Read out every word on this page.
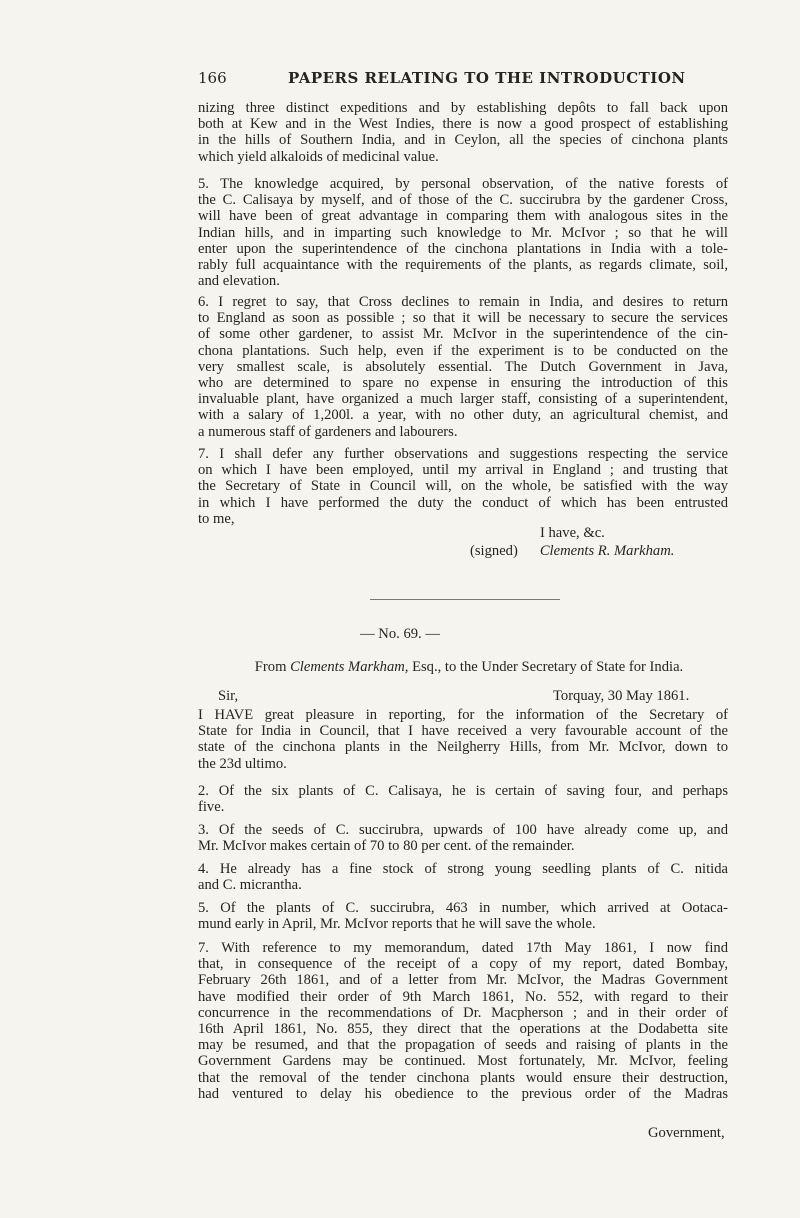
166	PAPERS RELATING TO THE INTRODUCTION

nizing three distinct expeditions and by establishing depôts to fall back upon
both at Kew and in the West Indies, there is now a good prospect of establishing
in the hills of Southern India, and in Ceylon, all the species of cinchona plants
which yield alkaloids of medicinal value.

5. The knowledge acquired, by personal observation, of the native forests of
the C. Calisaya by myself, and of those of the C. succirubra by the gardener Cross,
will have been of great advantage in comparing them with analogous sites in the
Indian hills, and in imparting such knowledge to Mr. McIvor ; so that he will
enter upon the superintendence of the cinchona plantations in India with a tole-
rably full acquaintance with the requirements of the plants, as regards climate, soil,
and elevation.

6. I regret to say, that Cross declines to remain in India, and desires to return
to England as soon as possible ; so that it will be necessary to secure the services
of some other gardener, to assist Mr. McIvor in the superintendence of the cin-
chona plantations. Such help, even if the experiment is to be conducted on the
very smallest scale, is absolutely essential. The Dutch Government in Java,
who are determined to spare no expense in ensuring the introduction of this
invaluable plant, have organized a much larger staff, consisting of a superintendent,
with a salary of 1,200l. a year, with no other duty, an agricultural chemist, and
a numerous staff of gardeners and labourers.

7. I shall defer any further observations and suggestions respecting the service
on which I have been employed, until my arrival in England ; and trusting that
the Secretary of State in Council will, on the whole, be satisfied with the way
in which I have performed the duty the conduct of which has been entrusted
to me,

I have, &c.
(signed) Clements R. Markham.
— No. 69. —
From Clements Markham, Esq., to the Under Secretary of State for India.
Sir,	Torquay, 30 May 1861.

I HAVE great pleasure in reporting, for the information of the Secretary of
State for India in Council, that I have received a very favourable account of the
state of the cinchona plants in the Neilgherry Hills, from Mr. McIvor, down to
the 23d ultimo.

2. Of the six plants of C. Calisaya, he is certain of saving four, and perhaps
five.

3. Of the seeds of C. succirubra, upwards of 100 have already come up, and
Mr. McIvor makes certain of 70 to 80 per cent. of the remainder.

4. He already has a fine stock of strong young seedling plants of C. nitida
and C. micrantha.

5. Of the plants of C. succirubra, 463 in number, which arrived at Ootaca-
mund early in April, Mr. McIvor reports that he will save the whole.

7. With reference to my memorandum, dated 17th May 1861, I now find
that, in consequence of the receipt of a copy of my report, dated Bombay,
February 26th 1861, and of a letter from Mr. McIvor, the Madras Government
have modified their order of 9th March 1861, No. 552, with regard to their
concurrence in the recommendations of Dr. Macpherson ; and in their order of
16th April 1861, No. 855, they direct that the operations at the Dodabetta site
may be resumed, and that the propagation of seeds and raising of plants in the
Government Gardens may be continued. Most fortunately, Mr. McIvor, feeling
that the removal of the tender cinchona plants would ensure their destruction,
had ventured to delay his obedience to the previous order of the Madras

Government,
